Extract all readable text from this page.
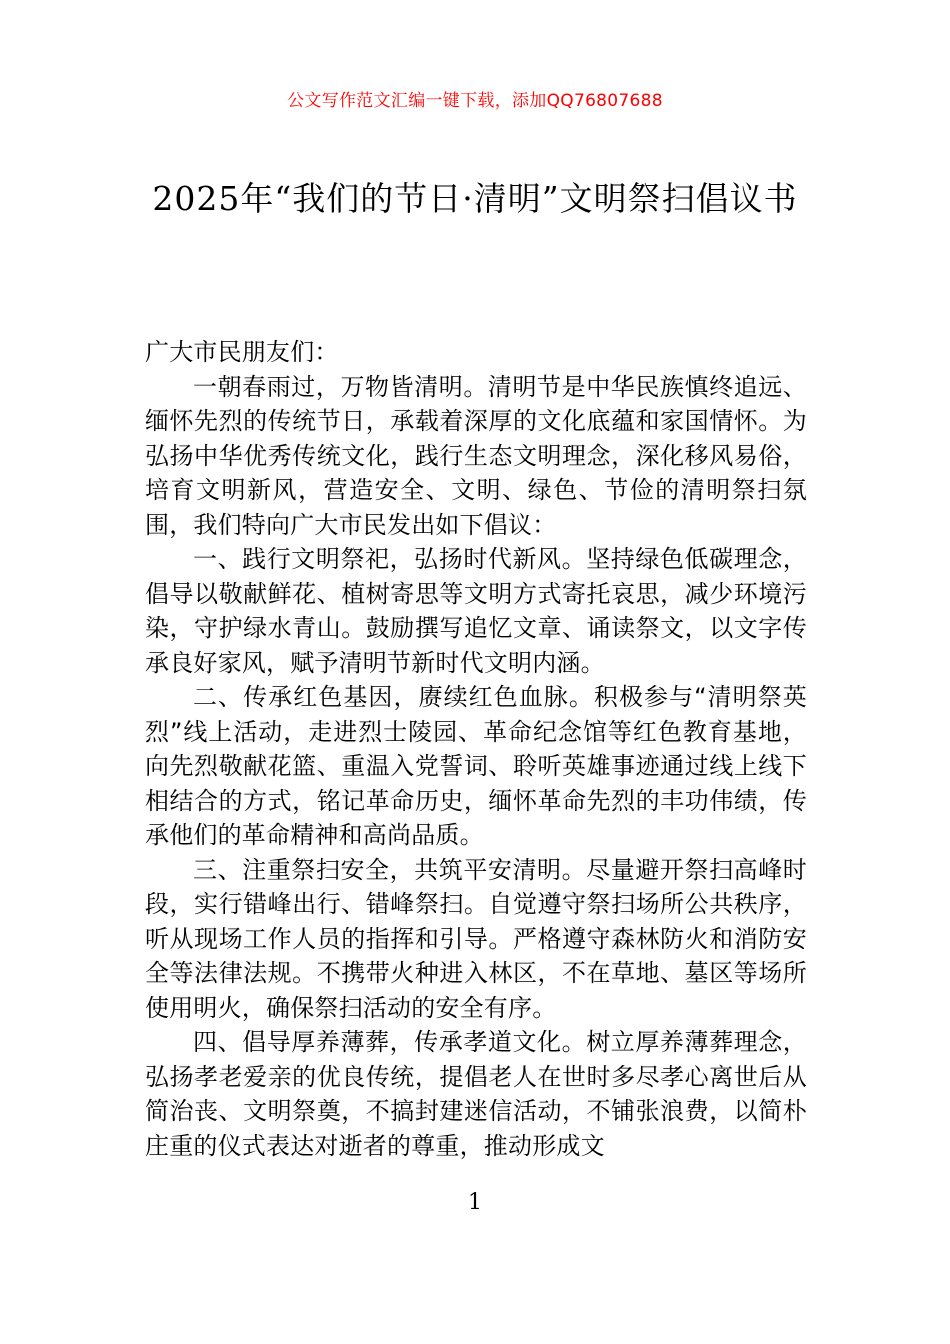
公文写作范文汇编一键下载，添加QQ76807688
2025年“我们的节日·清明”文明祭扫倡议书

广大市民朋友们：

一朝春雨过，万物皆清明。清明节是中华民族慎终追远、缅怀先烈的传统节日，承载着深厚的文化底蕴和家国情怀。为弘扬中华优秀传统文化，践行生态文明理念，深化移风易俗，培育文明新风，营造安全、文明、绿色、节俭的清明祭扫氛围，我们特向广大市民发出如下倡议：

一、践行文明祭祀，弘扬时代新风。坚持绿色低碳理念，倡导以敬献鲜花、植树寄思等文明方式寄托哀思，减少环境污染，守护绿水青山。鼓励撰写追忆文章、诵读祭文，以文字传承良好家风，赋予清明节新时代文明内涵。

二、传承红色基因，赓续红色血脉。积极参与“清明祭英烈”线上活动，走进烈士陵园、革命纪念馆等红色教育基地，向先烈敬献花篮、重温入党誓词、聆听英雄事迹通过线上线下相结合的方式，铭记革命历史，缅怀革命先烈的丰功伟绩，传承他们的革命精神和高尚品质。

三、注重祭扫安全，共筑平安清明。尽量避开祭扫高峰时段，实行错峰出行、错峰祭扫。自觉遵守祭扫场所公共秩序，听从现场工作人员的指挥和引导。严格遵守森林防火和消防安全等法律法规。不携带火种进入林区，不在草地、墓区等场所使用明火，确保祭扫活动的安全有序。

四、倡导厚养薄葬，传承孝道文化。树立厚养薄葬理念，弘扬孝老爱亲的优良传统，提倡老人在世时多尽孝心离世后从简治丧、文明祭奠，不搞封建迷信活动，不铺张浪费，以简朴庄重的仪式表达对逝者的尊重，推动形成文

1
